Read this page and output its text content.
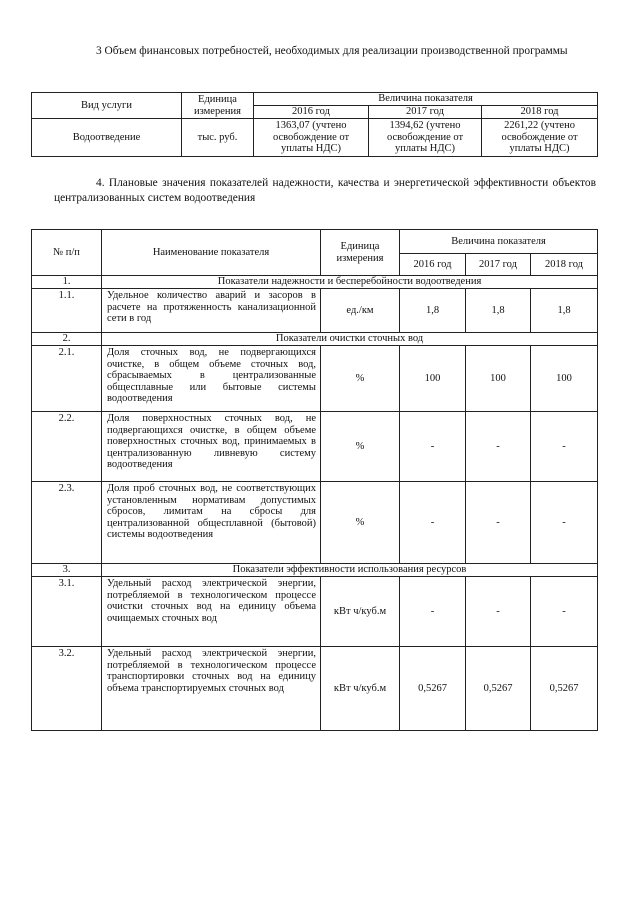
3 Объем финансовых потребностей, необходимых для реализации производственной программы

Вид услуги	Единица измерения	Величина показателя		
		2016 год	2017 год	2018 год
Водоотведение	тыс. руб.	1363,07 (учтено освобождение от уплаты НДС)	1394,62 (учтено освобождение от уплаты НДС)	2261,22 (учтено освобождение от уплаты НДС)

4. Плановые значения показателей надежности, качества и энергетической эффективности объектов централизованных систем водоотведения

№ п/п	Наименование показателя	Единица измерения	Величина показателя		
			2016 год	2017 год	2018 год
1.	Показатели надежности и бесперебойности водоотведения				
1.1.	Удельное количество аварий и засоров в расчете на протяженность канализационной сети в год	ед./км	1,8	1,8	1,8
2.	Показатели очистки сточных вод				
2.1.	Доля сточных вод, не подвергающихся очистке, в общем объеме сточных вод, сбрасываемых в централизованные общесплавные или бытовые системы водоотведения	%	100	100	100
2.2.	Доля поверхностных сточных вод, не подвергающихся очистке, в общем объеме поверхностных сточных вод, принимаемых в централизованную ливневую систему водоотведения	%	-	-	-
2.3.	Доля проб сточных вод, не соответствующих установленным нормативам допустимых сбросов, лимитам на сбросы для централизованной общесплавной (бытовой) системы водоотведения	%	-	-	-
3.	Показатели эффективности использования ресурсов				
3.1.	Удельный расход электрической энергии, потребляемой в технологическом процессе очистки сточных вод на единицу объема очищаемых сточных вод	кВт ч/куб.м	-	-	-
3.2.	Удельный расход электрической энергии, потребляемой в технологическом процессе транспортировки сточных вод на единицу объема транспортируемых сточных вод	кВт ч/куб.м	0,5267	0,5267	0,5267
